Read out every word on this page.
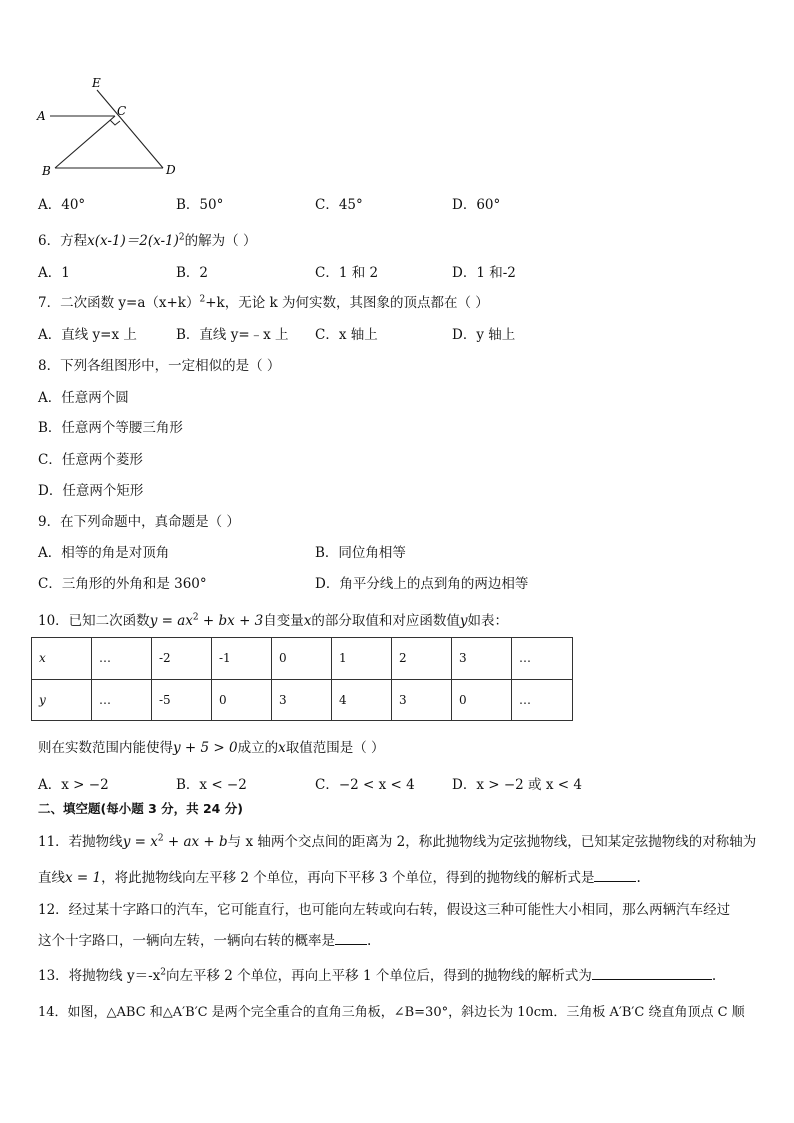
E
C
A
B	D
A．40°	B．50°	C．45°	D．60°
6．方程$x(x-1)=2(x-1)^2$的解为（ ）
A．1	B．2	C．1 和 2	D．1 和-2
7．二次函数 $y=a(x+k)^2+k$，无论 k 为何实数，其图象的顶点都在（ ）
A．直线 y=x 上	B．直线 y=﹣x 上 C．x 轴上	D．y 轴上
8．下列各组图形中，一定相似的是（ ）
A．任意两个圆
B．任意两个等腰三角形
C．任意两个菱形
D．任意两个矩形
9．在下列命题中，真命题是（ ）
A．相等的角是对顶角	B．同位角相等
C．三角形的外角和是 360°	D．角平分线上的点到角的两边相等
10．已知二次函数$y = ax^2$ + bx + 3自变量x的部分取值和对应函数值y如表：
x	…	-2	-1	0	1	2	3	…
y	…	-5	0	3	4	3	0	…
则在实数范围内能使得y + 5 > 0成立的x取值范围是（ ）
A．x > −2	B．x < −2	C．−2 < x < 4	D．x > −2 或 x < 4
二、填空题(每小题 3 分，共 24 分)
11．若抛物线$y = x^2$ + ax + b与 x 轴两个交点间的距离为 2，称此抛物线为定弦抛物线，已知某定弦抛物线的对称轴为
直线x = 1，将此抛物线向左平移 2 个单位，再向下平移 3 个单位，得到的抛物线的解析式是	.
12．经过某十字路口的汽车，它可能直行，也可能向左转或向右转，假设这三种可能性大小相同，那么两辆汽车经过
这个十字路口，一辆向左转，一辆向右转的概率是 .
13．将抛物线 $y=-x^2$向左平移 2 个单位，再向上平移 1 个单位后，得到的抛物线的解析式为	.
14．如图，△ABC 和△A′B′C 是两个完全重合的直角三角板，∠B=30°，斜边长为 10cm．三角板 A′B′C 绕直角顶点 C 顺
